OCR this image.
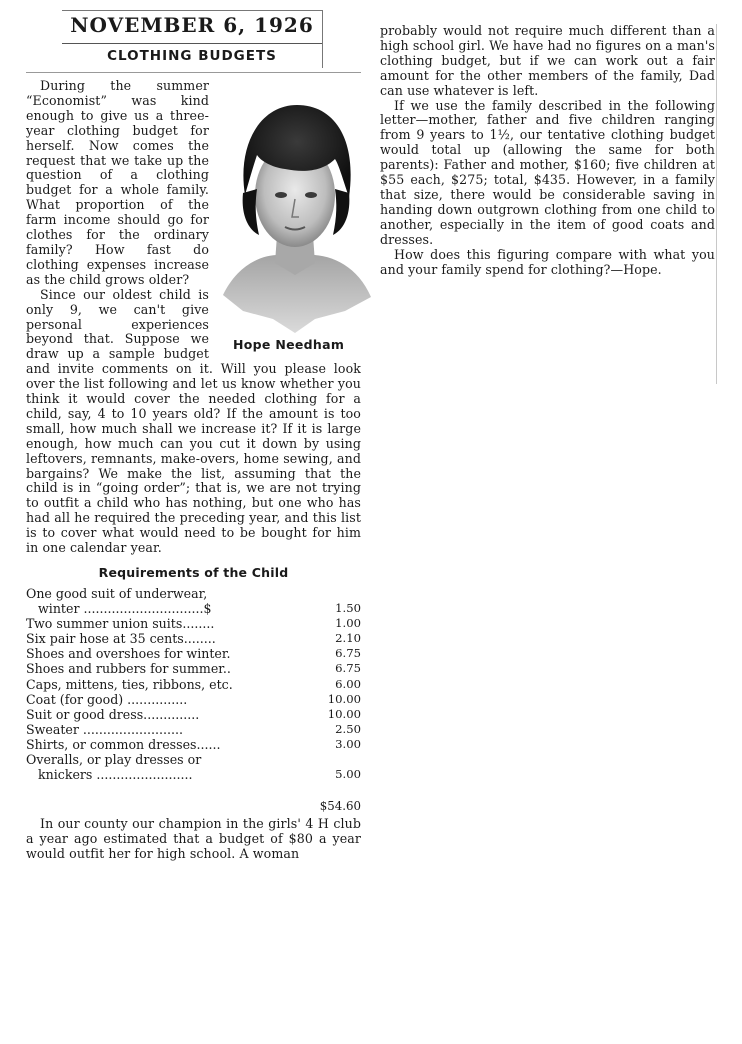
NOVEMBER 6, 1926
CLOTHING BUDGETS
Hope Needham

During the summer “Economist” was kind enough to give us a three-year clothing budget for herself. Now comes the request that we take up the question of a clothing budget for a whole family. What proportion of the farm income should go for clothes for the ordinary family? How fast do clothing expenses increase as the child grows older?

Since our oldest child is only 9, we can't give personal experiences beyond that. Suppose we draw up a sample budget and invite comments on it. Will you please look over the list following and let us know whether you think it would cover the needed clothing for a child, say, 4 to 10 years old? If the amount is too small, how much shall we increase it? If it is large enough, how much can you cut it down by using leftovers, remnants, make-overs, home sewing, and bargains? We make the list, assuming that the child is in “going order”; that is, we are not trying to outfit a child who has nothing, but one who has had all he required the preceding year, and this list is to cover what would need to be bought for him in one calendar year.

Requirements of the Child
One good suit of underwear,	
winter ..............................$	1.50
Two summer union suits........	1.00
Six pair hose at 35 cents........	2.10
Shoes and overshoes for winter.	6.75
Shoes and rubbers for summer..	6.75
Caps, mittens, ties, ribbons, etc.	6.00
Coat (for good) ...............	10.00
Suit or good dress..............	10.00
Sweater .........................	2.50
Shirts, or common dresses......	3.00
Overalls, or play dresses or	
knickers ........................	5.00
$54.60

In our county our champion in the girls' 4 H club a year ago estimated that a budget of $80 a year would outfit her for high school. A woman

probably would not require much different than a high school girl. We have had no figures on a man's clothing budget, but if we can work out a fair amount for the other members of the family, Dad can use whatever is left.

If we use the family described in the following letter—mother, father and five children ranging from 9 years to 1½, our tentative clothing budget would total up (allowing the same for both parents): Father and mother, $160; five children at $55 each, $275; total, $435. However, in a family that size, there would be considerable saving in handing down outgrown clothing from one child to another, especially in the item of good coats and dresses.

How does this figuring compare with what you and your family spend for clothing?—Hope.
